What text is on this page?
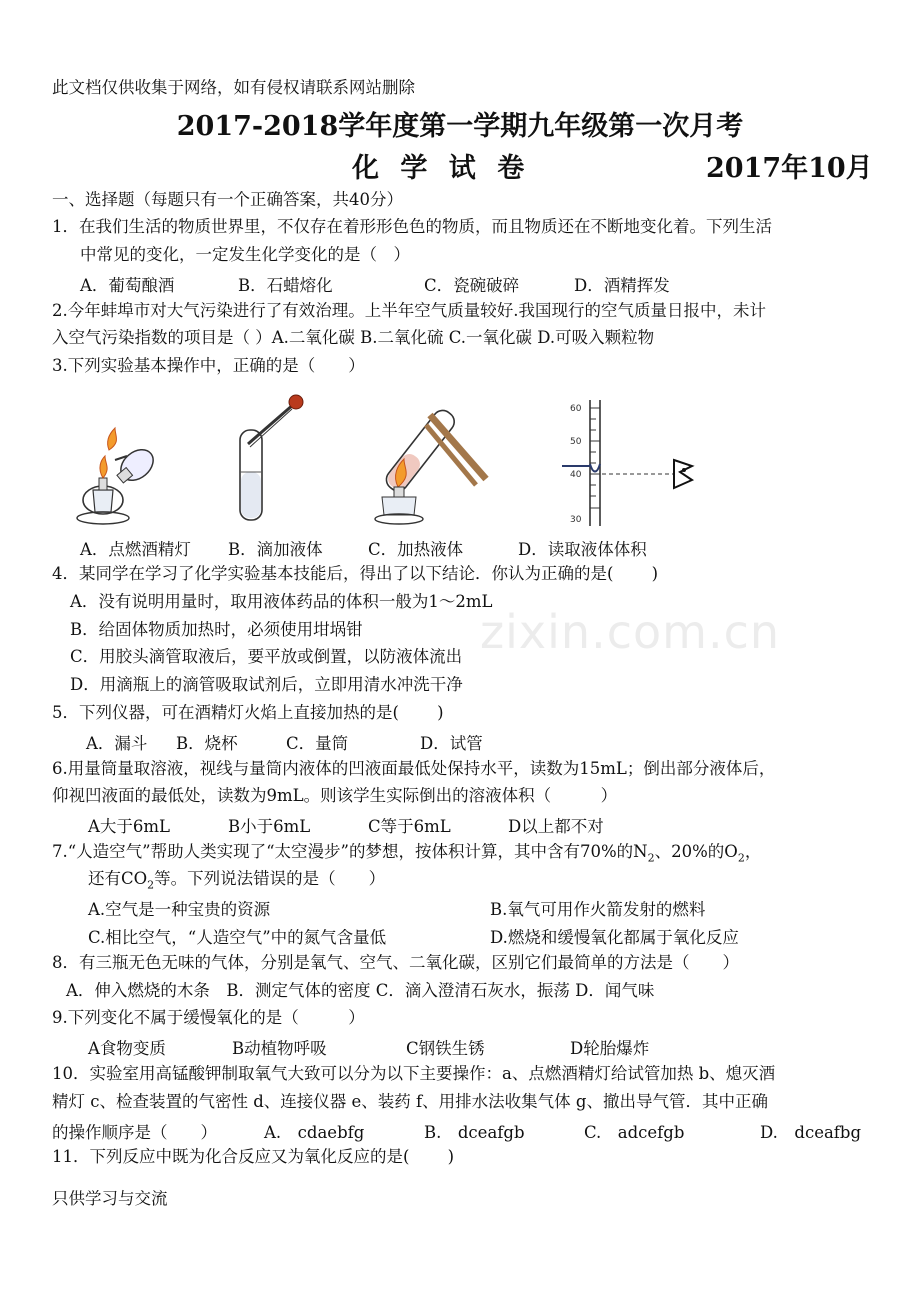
zixin.com.cn
此文档仅供收集于网络，如有侵权请联系网站删除
2017-2018学年度第一学期九年级第一次月考
化 学 试 卷	2017年10月
一、选择题（每题只有一个正确答案，共40分）
1．在我们生活的物质世界里，不仅存在着形形色色的物质，而且物质还在不断地变化着。下列生活
中常见的变化，一定发生化学变化的是（　）
A．葡萄酿酒	B．石蜡熔化	C．瓷碗破碎	D．酒精挥发
2.今年蚌埠市对大气污染进行了有效治理。上半年空气质量较好.我国现行的空气质量日报中，未计
入空气污染指数的项目是（ ）A.二氧化碳 B.二氧化硫 C.一氧化碳 D.可吸入颗粒物
3.下列实验基本操作中，正确的是（　　）
60
50
40
30
A．点燃酒精灯 B．滴加液体	C．加热液体	D．读取液体体积
4．某同学在学习了化学实验基本技能后，得出了以下结论．你认为正确的是(　　 )
A．没有说明用量时，取用液体药品的体积一般为1～2mL
B．给固体物质加热时，必须使用坩埚钳
C．用胶头滴管取液后，要平放或倒置，以防液体流出
D．用滴瓶上的滴管吸取试剂后，立即用清水冲洗干净
5．下列仪器，可在酒精灯火焰上直接加热的是(　　 )
A．漏斗 B．烧杯	C．量筒	D．试管
6.用量筒量取溶液，视线与量筒内液体的凹液面最低处保持水平，读数为15mL；倒出部分液体后，
仰视凹液面的最低处，读数为9mL。则该学生实际倒出的溶液体积（　　　）
A大于6mL	B小于6mL	C等于6mL	D以上都不对
7.“人造空气”帮助人类实现了“太空漫步”的梦想，按体积计算，其中含有70%的$N_2$、20%的$O_2$，
还有$CO_2$等。下列说法错误的是（　　）
A.空气是一种宝贵的资源	B.氧气可用作火箭发射的燃料
C.相比空气，“人造空气”中的氮气含量低	D.燃烧和缓慢氧化都属于氧化反应
8．有三瓶无色无味的气体，分别是氧气、空气、二氧化碳，区别它们最简单的方法是（　　）
A．伸入燃烧的木条　B．测定气体的密度 C．滴入澄清石灰水，振荡 D．闻气味
9.下列变化不属于缓慢氧化的是（　　　）
A食物变质	B动植物呼吸	C钢铁生锈	D轮胎爆炸
10．实验室用高锰酸钾制取氧气大致可以分为以下主要操作：a、点燃酒精灯给试管加热 b、熄灭酒
精灯 c、检查装置的气密性 d、连接仪器 e、装药 f、用排水法收集气体 g、撤出导气管．其中正确
的操作顺序是（　　）	A.　cdaebfg	B.　dceafgb	C.　adcefgb	D.　dceafbg
11．下列反应中既为化合反应又为氧化反应的是(　　 )
只供学习与交流
